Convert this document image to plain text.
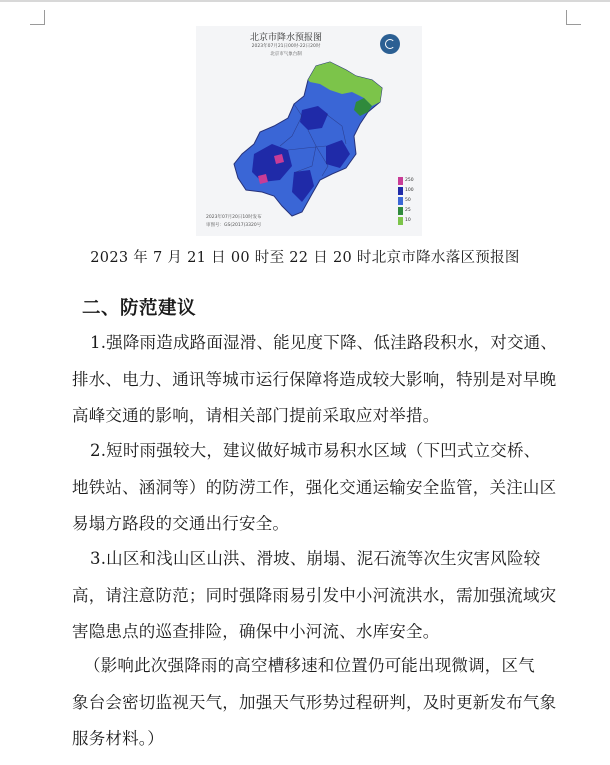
北京市降水预报图
2023年07月21日00时-22日20时
北京市气象台制
250
100
50
25
10
2023年07月20日10时发布
审图号：GS(2017)3320号
2023 年 7 月 21 日 00 时至 22 日 20 时北京市降水落区预报图
二、防范建议

1.强降雨造成路面湿滑、能见度下降、低洼路段积水，对交通、
排水、电力、通讯等城市运行保障将造成较大影响，特别是对早晚
高峰交通的影响，请相关部门提前采取应对举措。

2.短时雨强较大，建议做好城市易积水区域（下凹式立交桥、
地铁站、涵洞等）的防涝工作，强化交通运输安全监管，关注山区
易塌方路段的交通出行安全。

3.山区和浅山区山洪、滑坡、崩塌、泥石流等次生灾害风险较
高，请注意防范；同时强降雨易引发中小河流洪水，需加强流域灾
害隐患点的巡查排险，确保中小河流、水库安全。

（影响此次强降雨的高空槽移速和位置仍可能出现微调，区气
象台会密切监视天气，加强天气形势过程研判，及时更新发布气象
服务材料。）
